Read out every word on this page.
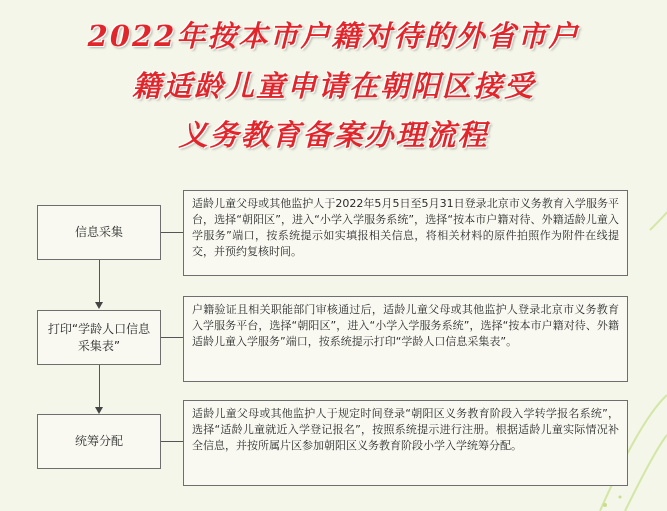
2022年按本市户籍对待的外省市户
籍适龄儿童申请在朝阳区接受
义务教育备案办理流程
信息采集
适龄儿童父母或其他监护人于2022年5月5日至5月31日登录北京市义务教育入学服务平台，选择“朝阳区”，进入“小学入学服务系统”，选择“按本市户籍对待、外籍适龄儿童入学服务”端口，按系统提示如实填报相关信息，将相关材料的原件拍照作为附件在线提交，并预约复核时间。
打印“学龄人口信息采集表”
户籍验证且相关职能部门审核通过后，适龄儿童父母或其他监护人登录北京市义务教育入学服务平台，选择“朝阳区”，进入“小学入学服务系统”，选择“按本市户籍对待、外籍适龄儿童入学服务”端口，按系统提示打印“学龄人口信息采集表”。
统筹分配
适龄儿童父母或其他监护人于规定时间登录“朝阳区义务教育阶段入学转学报名系统”，选择“适龄儿童就近入学登记报名”，按照系统提示进行注册。根据适龄儿童实际情况补全信息，并按所属片区参加朝阳区义务教育阶段小学入学统筹分配。
